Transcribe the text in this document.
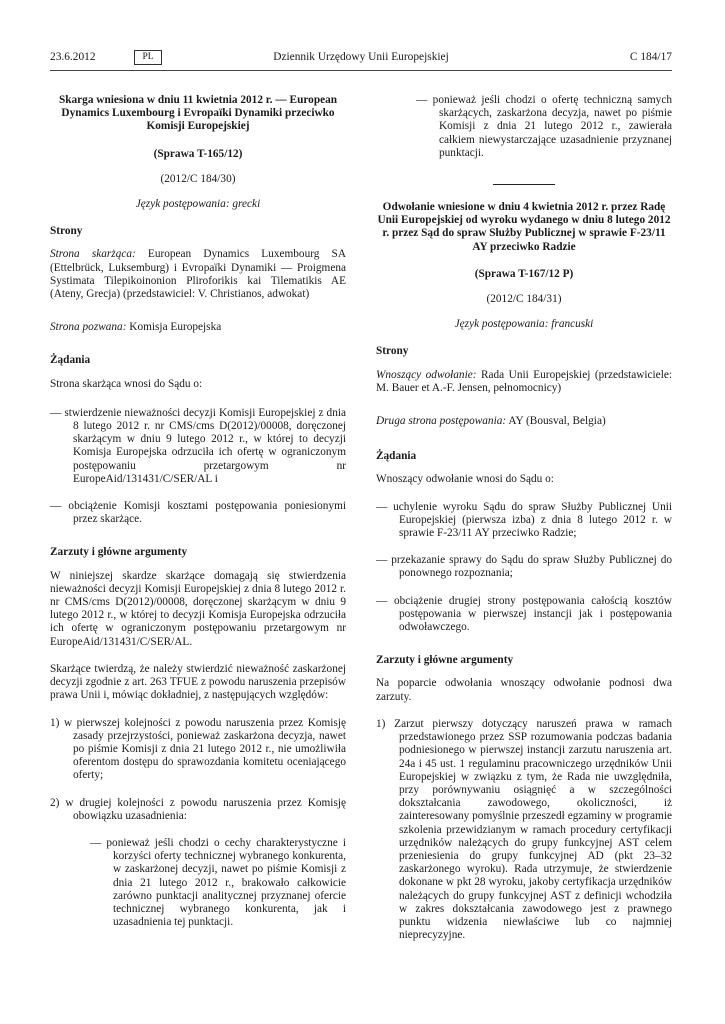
23.6.2012	PL	Dziennik Urzędowy Unii Europejskiej	C 184/17

Skarga wniesiona w dniu 11 kwietnia 2012 r. — European Dynamics Luxembourg i Evropaïki Dynamiki przeciwko Komisji Europejskiej

(Sprawa T-165/12)

(2012/C 184/30)

Język postępowania: grecki

Strony

Strona skarżąca: European Dynamics Luxembourg SA (Ettelbrück, Luksemburg) i Evropaïki Dynamiki — Proigmena Systimata Tilepikoinonion Pliroforikis kai Tilematikis AE (Ateny, Grecja) (przedstawiciel: V. Christianos, adwokat)

Strona pozwana: Komisja Europejska

Żądania

Strona skarżąca wnosi do Sądu o:

— stwierdzenie nieważności decyzji Komisji Europejskiej z dnia 8 lutego 2012 r. nr CMS/cms D(2012)/00008, doręczonej skarżącym w dniu 9 lutego 2012 r., w której to decyzji Komisja Europejska odrzuciła ich ofertę w ograniczonym postępowaniu przetargowym nr EuropeAid/131431/C/SER/AL i

— obciążenie Komisji kosztami postępowania poniesionymi przez skarżące.

Zarzuty i główne argumenty

W niniejszej skardze skarżące domagają się stwierdzenia nieważności decyzji Komisji Europejskiej z dnia 8 lutego 2012 r. nr CMS/cms D(2012)/00008, doręczonej skarżącym w dniu 9 lutego 2012 r., w której to decyzji Komisja Europejska odrzuciła ich ofertę w ograniczonym postępowaniu przetargowym nr EuropeAid/131431/C/SER/AL.

Skarżące twierdzą, że należy stwierdzić nieważność zaskarżonej decyzji zgodnie z art. 263 TFUE z powodu naruszenia przepisów prawa Unii i, mówiąc dokładniej, z następujących względów:

1) w pierwszej kolejności z powodu naruszenia przez Komisję zasady przejrzystości, ponieważ zaskarżona decyzja, nawet po piśmie Komisji z dnia 21 lutego 2012 r., nie umożliwiła oferentom dostępu do sprawozdania komitetu oceniającego oferty;

2) w drugiej kolejności z powodu naruszenia przez Komisję obowiązku uzasadnienia:

— ponieważ jeśli chodzi o cechy charakterystyczne i korzyści oferty technicznej wybranego konkurenta, w zaskarżonej decyzji, nawet po piśmie Komisji z dnia 21 lutego 2012 r., brakowało całkowicie zarówno punktacji analitycznej przyznanej ofercie technicznej wybranego konkurenta, jak i uzasadnienia tej punktacji.

— ponieważ jeśli chodzi o ofertę techniczną samych skarżących, zaskarżona decyzja, nawet po piśmie Komisji z dnia 21 lutego 2012 r., zawierała całkiem niewystarczające uzasadnienie przyznanej punktacji.

Odwołanie wniesione w dniu 4 kwietnia 2012 r. przez Radę Unii Europejskiej od wyroku wydanego w dniu 8 lutego 2012 r. przez Sąd do spraw Służby Publicznej w sprawie F-23/11 AY przeciwko Radzie

(Sprawa T-167/12 P)

(2012/C 184/31)

Język postępowania: francuski

Strony

Wnoszący odwołanie: Rada Unii Europejskiej (przedstawiciele: M. Bauer et A.-F. Jensen, pełnomocnicy)

Druga strona postępowania: AY (Bousval, Belgia)

Żądania

Wnoszący odwołanie wnosi do Sądu o:

— uchylenie wyroku Sądu do spraw Służby Publicznej Unii Europejskiej (pierwsza izba) z dnia 8 lutego 2012 r. w sprawie F-23/11 AY przeciwko Radzie;

— przekazanie sprawy do Sądu do spraw Służby Publicznej do ponownego rozpoznania;

— obciążenie drugiej strony postępowania całością kosztów postępowania w pierwszej instancji jak i postępowania odwoławczego.

Zarzuty i główne argumenty

Na poparcie odwołania wnoszący odwołanie podnosi dwa zarzuty.

1) Zarzut pierwszy dotyczący naruszeń prawa w ramach przedstawionego przez SSP rozumowania podczas badania podniesionego w pierwszej instancji zarzutu naruszenia art. 24a i 45 ust. 1 regulaminu pracowniczego urzędników Unii Europejskiej w związku z tym, że Rada nie uwzględniła, przy porównywaniu osiągnięć a w szczególności dokształcania zawodowego, okoliczności, iż zainteresowany pomyślnie przeszedł egzaminy w programie szkolenia przewidzianym w ramach procedury certyfikacji urzędników należących do grupy funkcyjnej AST celem przeniesienia do grupy funkcyjnej AD (pkt 23–32 zaskarżonego wyroku). Rada utrzymuje, że stwierdzenie dokonane w pkt 28 wyroku, jakoby certyfikacja urzędników należących do grupy funkcyjnej AST z definicji wchodziła w zakres dokształcania zawodowego jest z prawnego punktu widzenia niewłaściwe lub co najmniej nieprecyzyjne.
